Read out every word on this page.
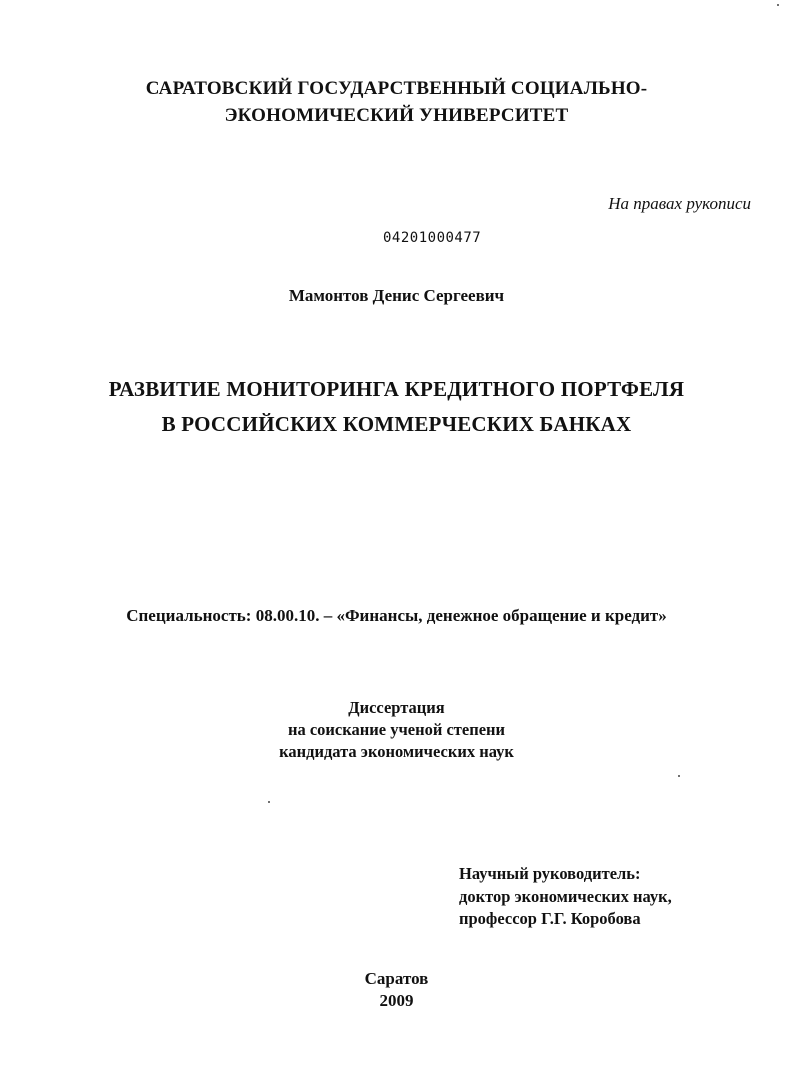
САРАТОВСКИЙ ГОСУДАРСТВЕННЫЙ СОЦИАЛЬНО-
ЭКОНОМИЧЕСКИЙ УНИВЕРСИТЕТ
На правах рукописи
04201000477
Мамонтов Денис Сергеевич
РАЗВИТИЕ МОНИТОРИНГА КРЕДИТНОГО ПОРТФЕЛЯ
В РОССИЙСКИХ КОММЕРЧЕСКИХ БАНКАХ
Специальность: 08.00.10. – «Финансы, денежное обращение и кредит»
Диссертация
на соискание ученой степени
кандидата экономических наук
Научный руководитель:
доктор экономических наук,
профессор Г.Г. Коробова
Саратов
2009
